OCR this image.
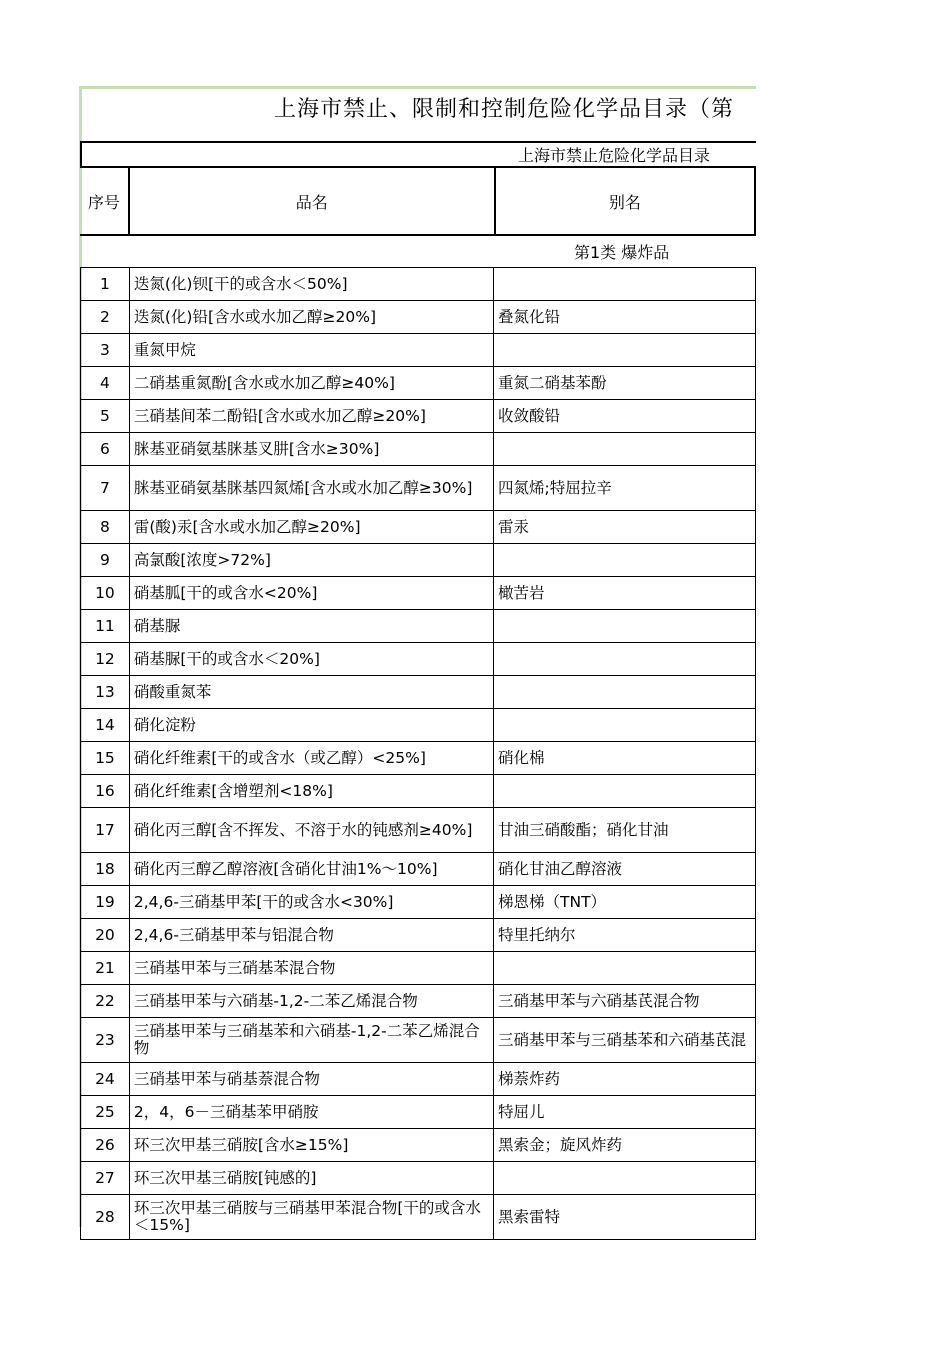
上海市禁止、限制和控制危险化学品目录（第
上海市禁止危险化学品目录
序号	品名	别名
第1类 爆炸品
1	迭氮(化)钡[干的或含水＜50%]	
2	迭氮(化)铅[含水或水加乙醇≥20%]	叠氮化铅
3	重氮甲烷	
4	二硝基重氮酚[含水或水加乙醇≥40%]	重氮二硝基苯酚
5	三硝基间苯二酚铅[含水或水加乙醇≥20%]	收敛酸铅
6	脒基亚硝氨基脒基叉肼[含水≥30%]	
7	脒基亚硝氨基脒基四氮烯[含水或水加乙醇≥30%]	四氮烯;特屈拉辛
8	雷(酸)汞[含水或水加乙醇≥20%]	雷汞
9	高氯酸[浓度>72%]	
10	硝基胍[干的或含水<20%]	橄苦岩
11	硝基脲	
12	硝基脲[干的或含水＜20%]	
13	硝酸重氮苯	
14	硝化淀粉	
15	硝化纤维素[干的或含水（或乙醇）<25%]	硝化棉
16	硝化纤维素[含增塑剂<18%]	
17	硝化丙三醇[含不挥发、不溶于水的钝感剂≥40%]	甘油三硝酸酯；硝化甘油
18	硝化丙三醇乙醇溶液[含硝化甘油1%～10%]	硝化甘油乙醇溶液
19	2,4,6-三硝基甲苯[干的或含水<30%]	梯恩梯（TNT）
20	2,4,6-三硝基甲苯与铝混合物	特里托纳尔
21	三硝基甲苯与三硝基苯混合物	
22	三硝基甲苯与六硝基-1,2-二苯乙烯混合物	三硝基甲苯与六硝基芪混合物
23	三硝基甲苯与三硝基苯和六硝基-1,2-二苯乙烯混合物	三硝基甲苯与三硝基苯和六硝基芪混
24	三硝基甲苯与硝基萘混合物	梯萘炸药
25	2，4，6－三硝基苯甲硝胺	特屈儿
26	环三次甲基三硝胺[含水≥15%]	黑索金；旋风炸药
27	环三次甲基三硝胺[钝感的]	
28	环三次甲基三硝胺与三硝基甲苯混合物[干的或含水＜15%]	黑索雷特
